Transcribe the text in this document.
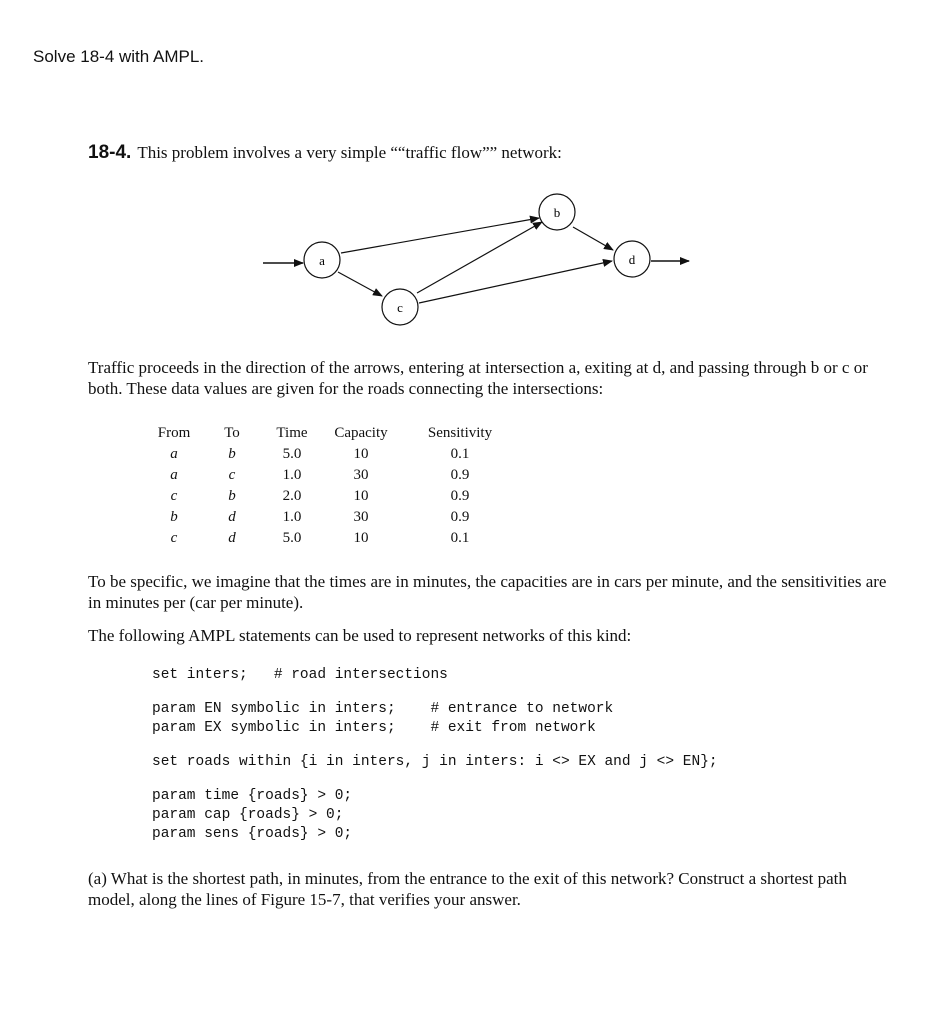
Solve 18-4 with AMPL.
18-4. This problem involves a very simple ““traffic flow”” network:
a
b
c
d
Traffic proceeds in the direction of the arrows, entering at intersection a, exiting at d, and passing through b or c or both. These data values are given for the roads connecting the intersections:
From	To	Time	Capacity	Sensitivity
a	b	5.0	10	0.1
a	c	1.0	30	0.9
c	b	2.0	10	0.9
b	d	1.0	30	0.9
c	d	5.0	10	0.1
To be specific, we imagine that the times are in minutes, the capacities are in cars per minute, and the sensitivities are in minutes per (car per minute).
The following AMPL statements can be used to represent networks of this kind:
set inters;   # road intersections
param EN symbolic in inters;    # entrance to network
param EX symbolic in inters;    # exit from network
set roads within {i in inters, j in inters: i <> EX and j <> EN};
param time {roads} > 0;
param cap {roads} > 0;
param sens {roads} > 0;
(a) What is the shortest path, in minutes, from the entrance to the exit of this network? Construct a shortest path model, along the lines of Figure 15-7, that verifies your answer.
